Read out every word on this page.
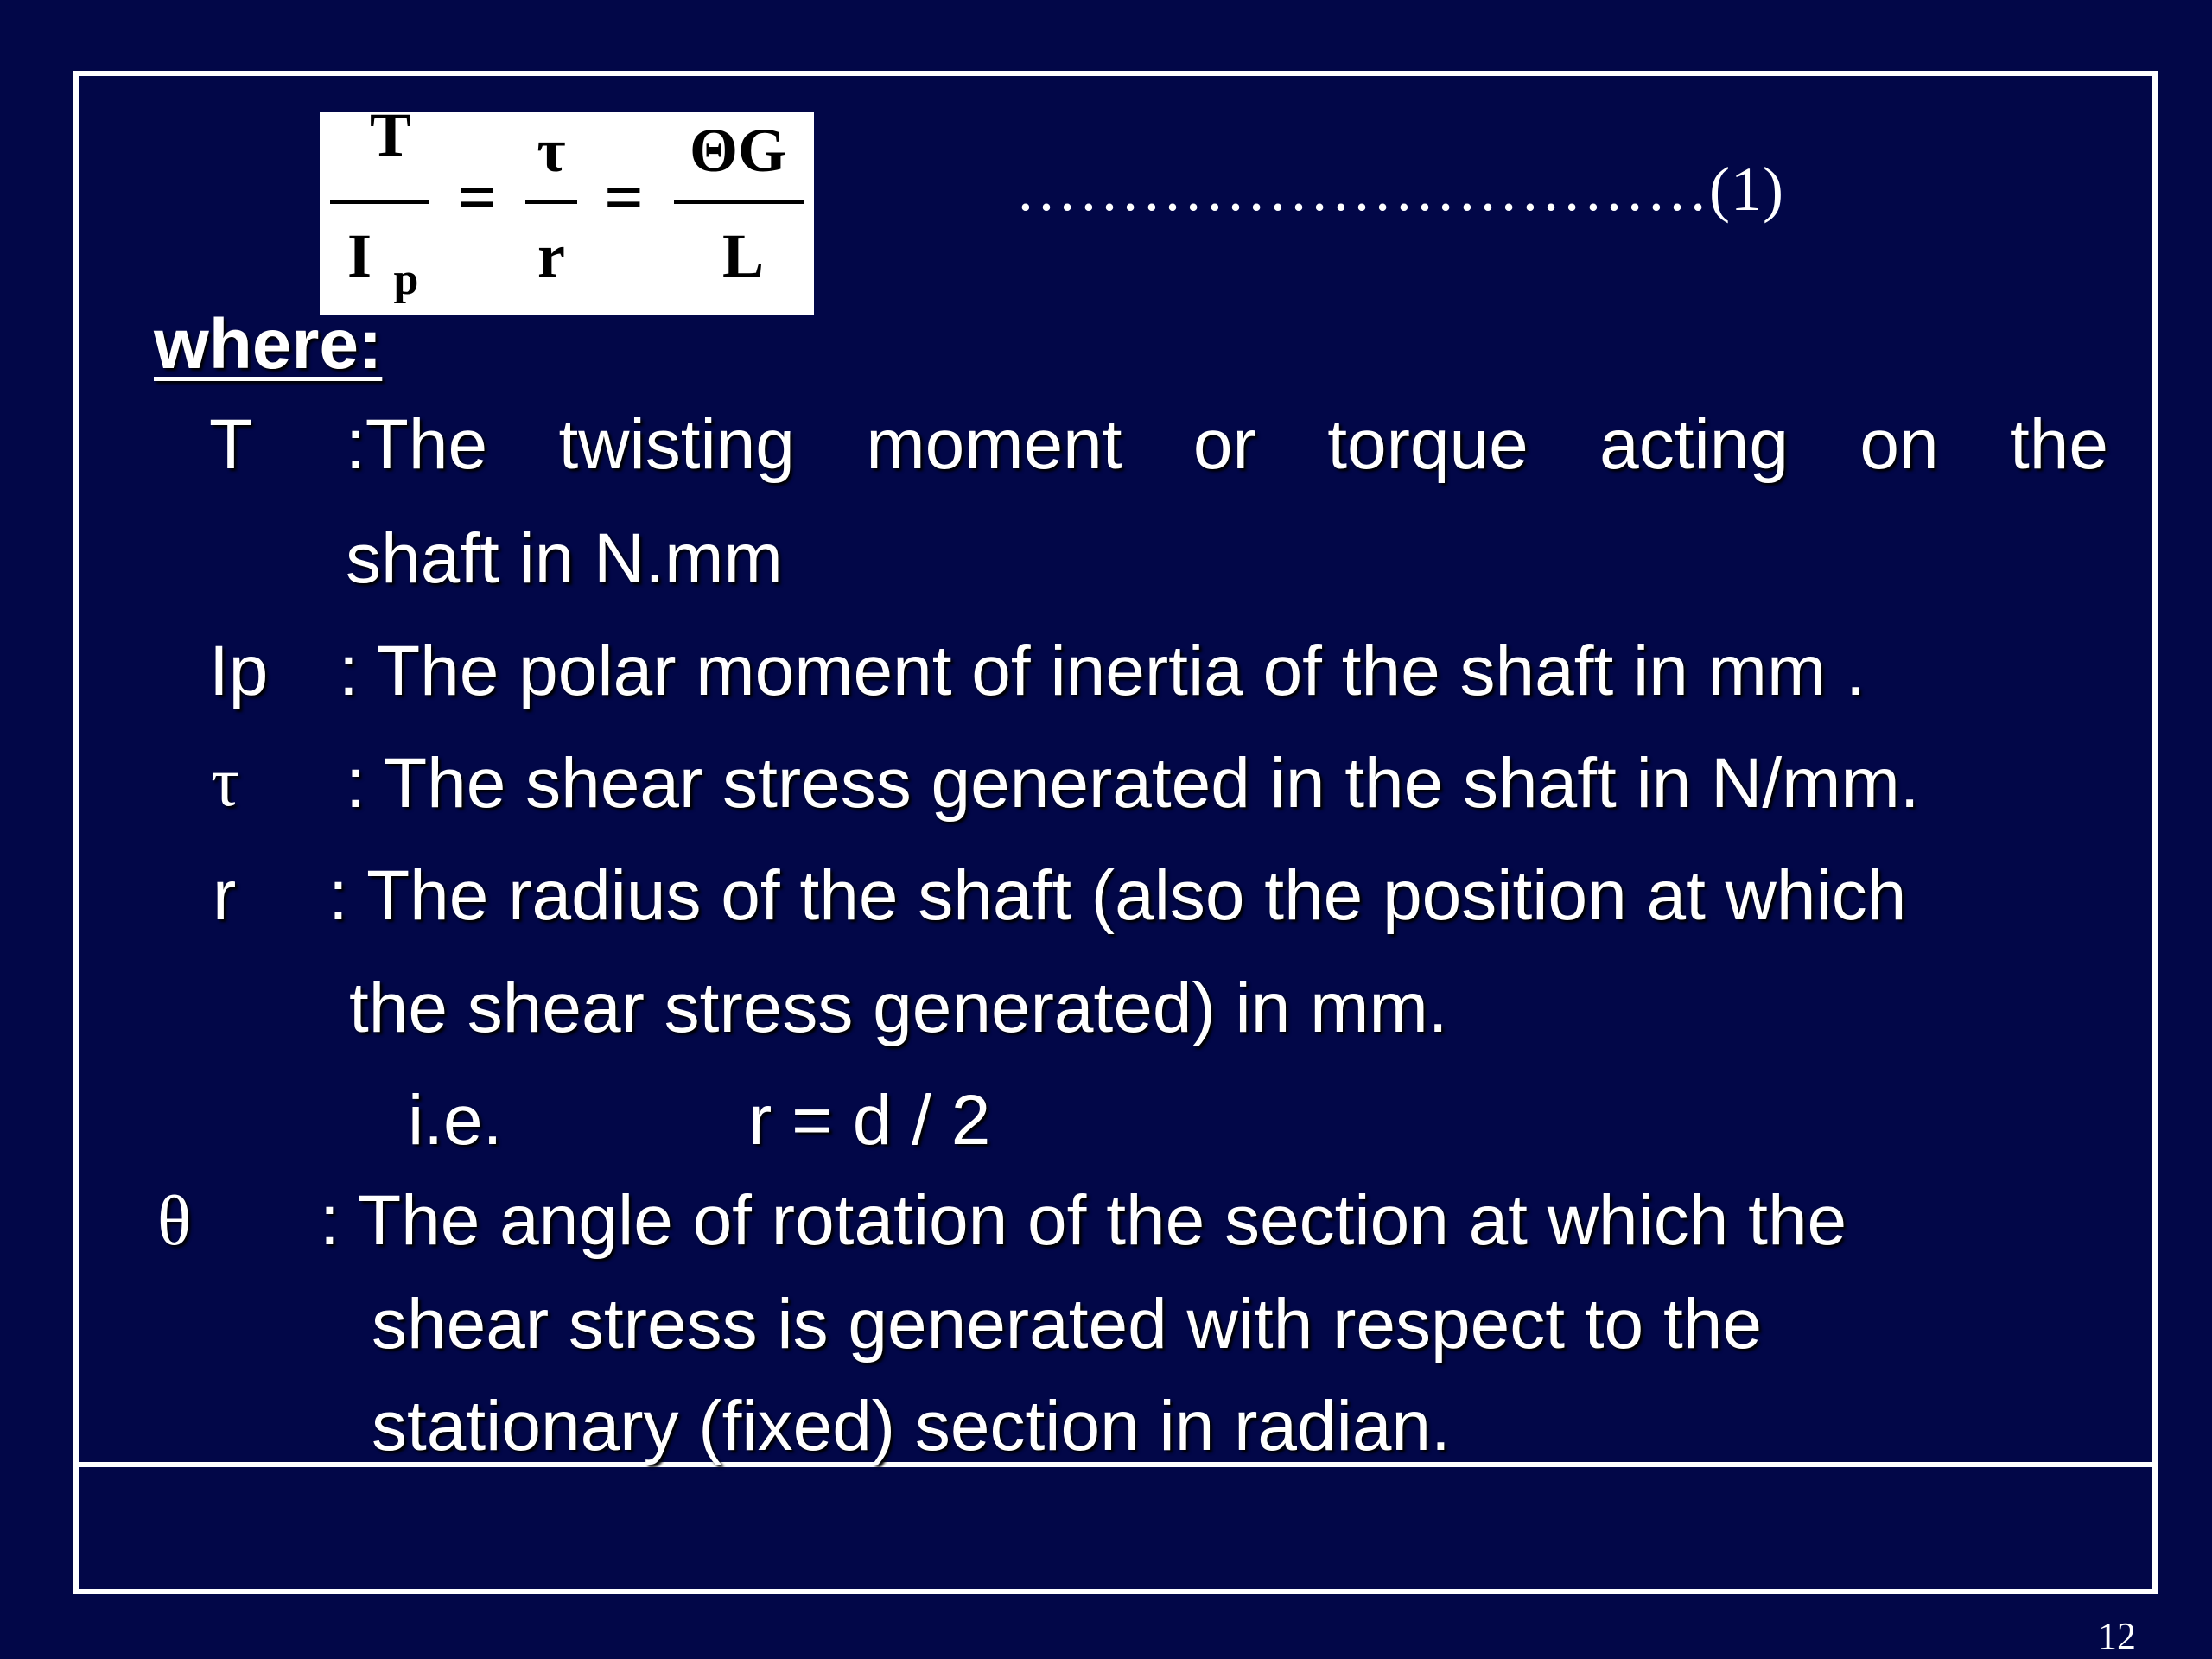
T
I p
=
τ
r
=
ΘG
L
……………………………(1)
where:
T :The twisting moment or torque acting on the
shaft in N.mm
Ip : The polar moment of inertia of the shaft in mm .
τ : The shear stress generated in the shaft in N/mm.
r : The radius of the shaft (also the position at which
the shear stress generated) in mm.
i.e.	r = d / 2
θ : The angle of rotation of the section at which the
shear stress is generated with respect to the
stationary (fixed) section in radian.
12
